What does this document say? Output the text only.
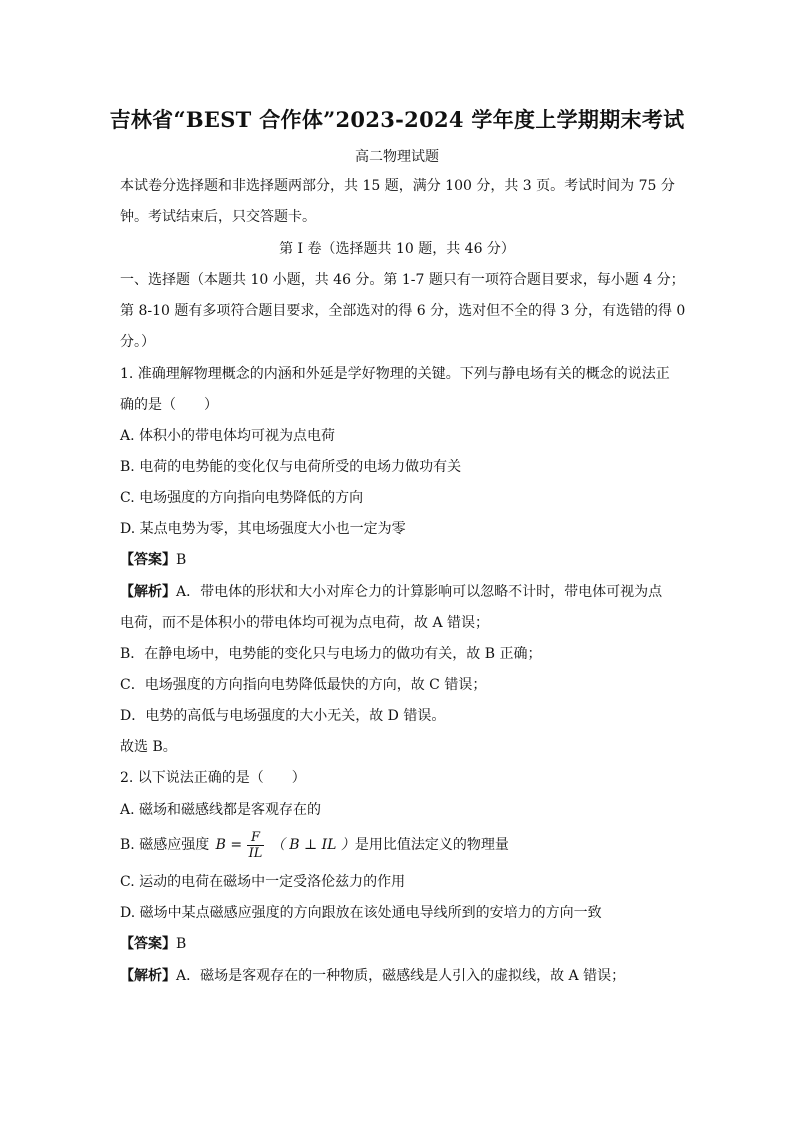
吉林省“BEST 合作体”2023-2024 学年度上学期期末考试
高二物理试题
本试卷分选择题和非选择题两部分，共 15 题，满分 100 分，共 3 页。考试时间为 75 分
钟。考试结束后，只交答题卡。
第 I 卷（选择题共 10 题，共 46 分）
一、选择题（本题共 10 小题，共 46 分。第 1-7 题只有一项符合题目要求，每小题 4 分；
第 8-10 题有多项符合题目要求，全部选对的得 6 分，选对但不全的得 3 分，有选错的得 0
分。）
1. 准确理解物理概念的内涵和外延是学好物理的关键。下列与静电场有关的概念的说法正
确的是（　　）
A. 体积小的带电体均可视为点电荷
B. 电荷的电势能的变化仅与电荷所受的电场力做功有关
C. 电场强度的方向指向电势降低的方向
D. 某点电势为零，其电场强度大小也一定为零
【答案】B
【解析】A．带电体的形状和大小对库仑力的计算影响可以忽略不计时，带电体可视为点
电荷，而不是体积小的带电体均可视为点电荷，故 A 错误；
B．在静电场中，电势能的变化只与电场力的做功有关，故 B 正确；
C．电场强度的方向指向电势降低最快的方向，故 C 错误；
D．电势的高低与电场强度的大小无关，故 D 错误。
故选 B。
2. 以下说法正确的是（　　）
A. 磁场和磁感线都是客观存在的
B. 磁感应强度 $B = \frac{F}{IL}$ （ B ⊥ IL ）是用比值法定义的物理量
C. 运动的电荷在磁场中一定受洛伦兹力的作用
D. 磁场中某点磁感应强度的方向跟放在该处通电导线所到的安培力的方向一致
【答案】B
【解析】A．磁场是客观存在的一种物质，磁感线是人引入的虚拟线，故 A 错误；
